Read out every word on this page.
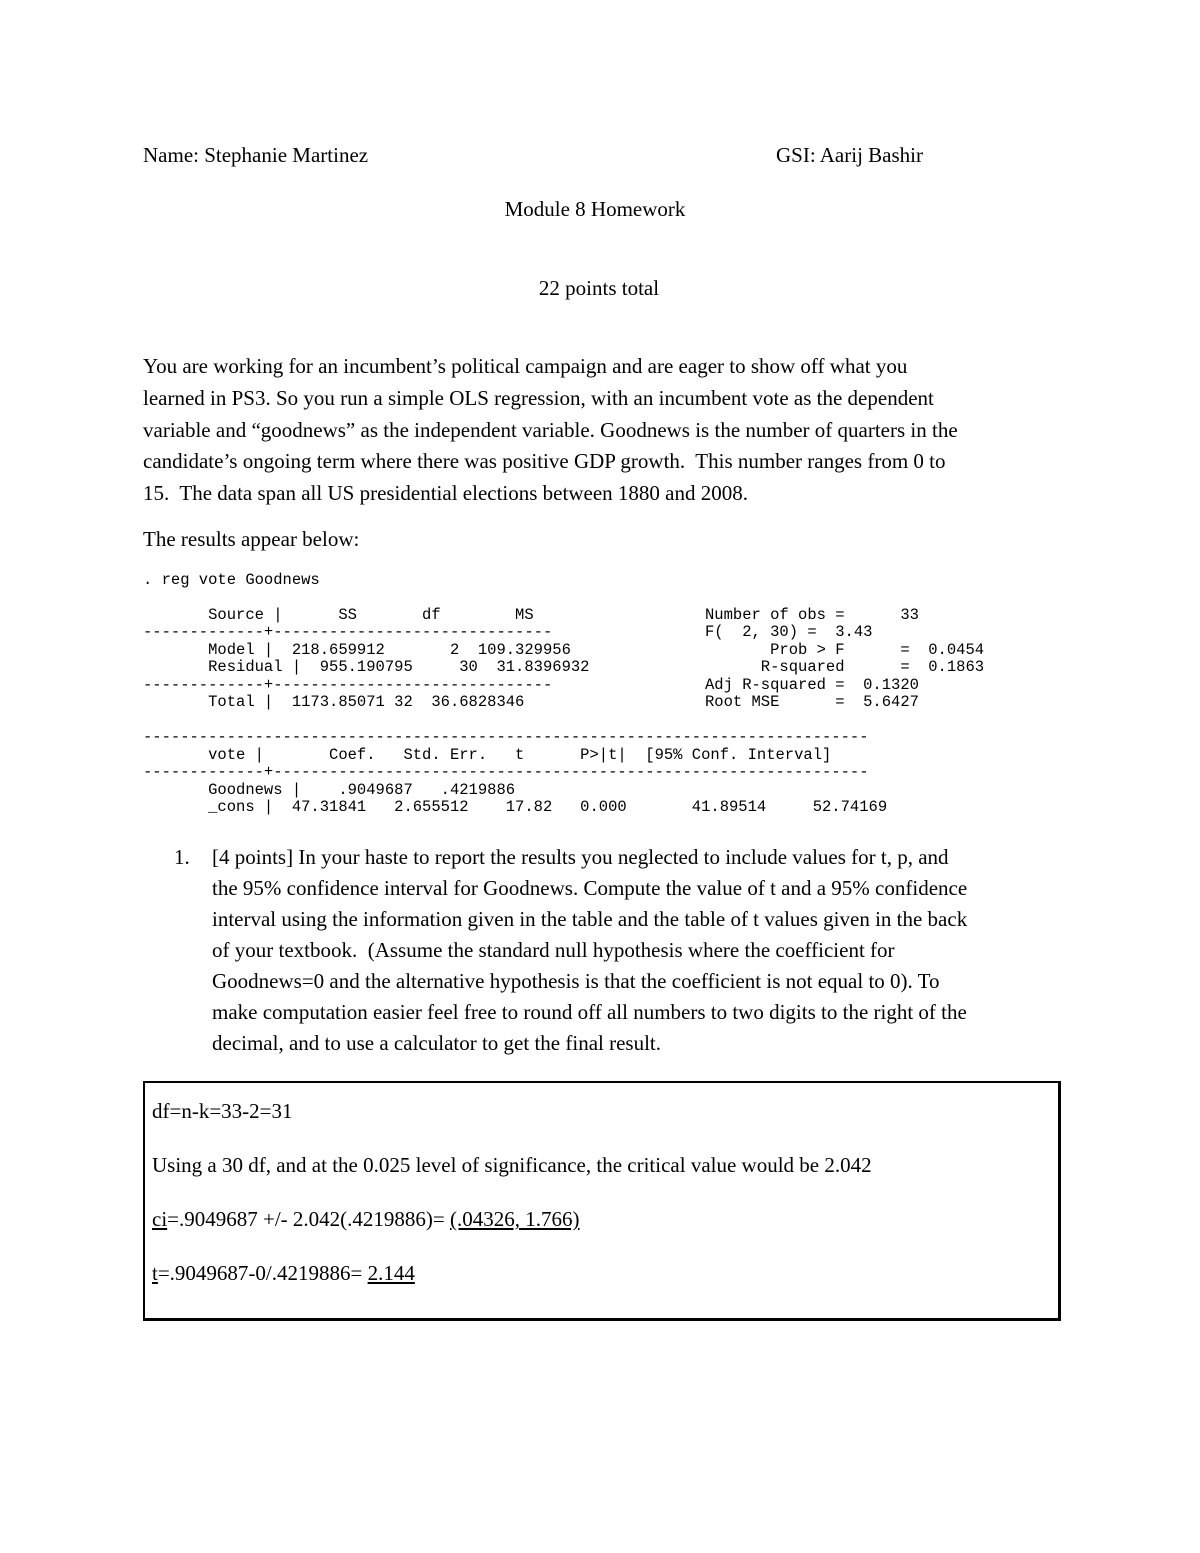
Name: Stephanie Martinez	GSI: Aarij Bashir
Module 8 Homework
22 points total
You are working for an incumbent’s political campaign and are eager to show off what you
learned in PS3. So you run a simple OLS regression, with an incumbent vote as the dependent
variable and “goodnews” as the independent variable. Goodnews is the number of quarters in the
candidate’s ongoing term where there was positive GDP growth.  This number ranges from 0 to
15.  The data span all US presidential elections between 1880 and 2008.
The results appear below:
. reg vote Goodnews
Source |      SS       df        MS
-------------+------------------------------
Model |  218.659912       2  109.329956
Residual |  955.190795     30  31.8396932
-------------+------------------------------
Total |  1173.85071 32  36.6828346
Number of obs =      33
F(  2, 30) =  3.43
Prob > F      =  0.0454
R-squared      =  0.1863
Adj R-squared =  0.1320
Root MSE      =  5.6427
------------------------------------------------------------------------------
vote |       Coef.   Std. Err.   t      P>|t|  [95% Conf. Interval]
-------------+----------------------------------------------------------------
Goodnews |    .9049687   .4219886
_cons |  47.31841   2.655512    17.82   0.000       41.89514     52.74169
1. [4 points] In your haste to report the results you neglected to include values for t, p, and
the 95% confidence interval for Goodnews. Compute the value of t and a 95% confidence
interval using the information given in the table and the table of t values given in the back
of your textbook.  (Assume the standard null hypothesis where the coefficient for
Goodnews=0 and the alternative hypothesis is that the coefficient is not equal to 0). To
make computation easier feel free to round off all numbers to two digits to the right of the
decimal, and to use a calculator to get the final result.
df=n-k=33-2=31
Using a 30 df, and at the 0.025 level of significance, the critical value would be 2.042
ci=.9049687 +/- 2.042(.4219886)= (.04326, 1.766)
t=.9049687-0/.4219886= 2.144
